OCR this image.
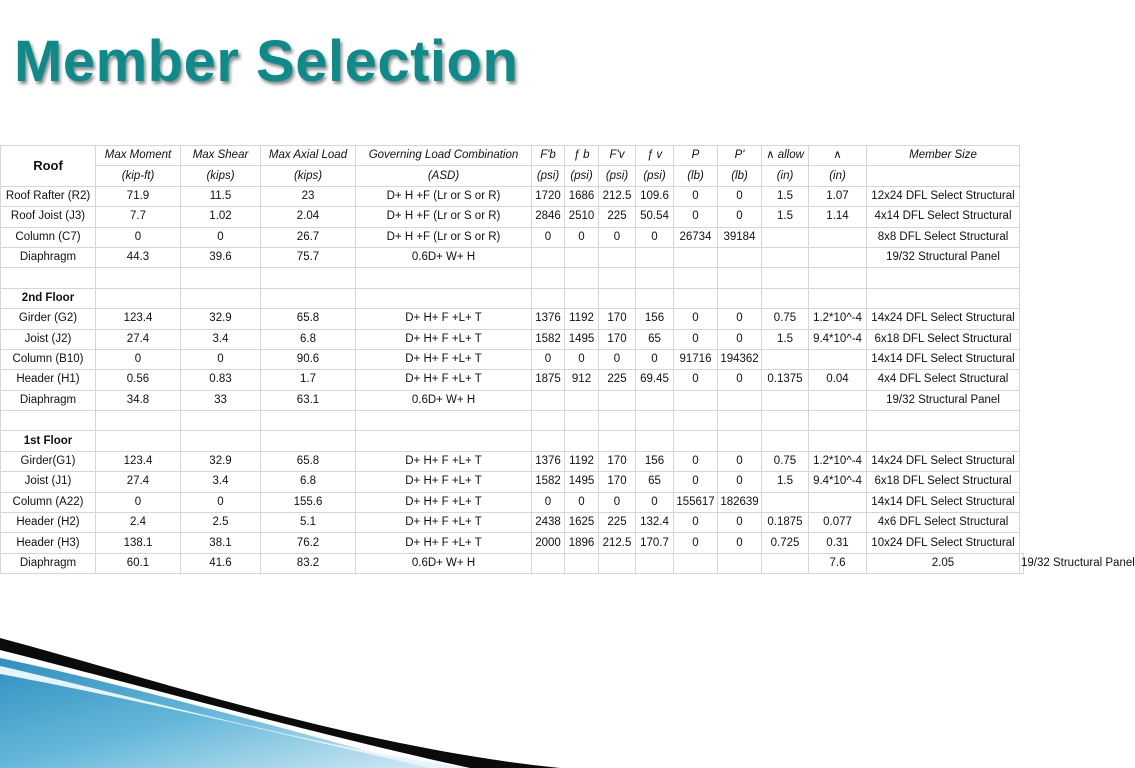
Member Selection
Roof	Max Moment	Max Shear	Max Axial Load	Governing Load Combination	F'b	ƒ b	F'v	ƒ v	P	P'	∧ allow	∧	Member Size	
	(kip-ft)	(kips)	(kips)	(ASD)	(psi)	(psi)	(psi)	(psi)	(lb)	(lb)	(in)	(in)		
Roof Rafter (R2)	71.9	11.5	23	D+ H +F (Lr or S or R)	1720	1686	212.5	109.6	0	0	1.5	1.07	12x24 DFL Select Structural	
Roof Joist (J3)	7.7	1.02	2.04	D+ H +F (Lr or S or R)	2846	2510	225	50.54	0	0	1.5	1.14	4x14 DFL Select Structural	
Column (C7)	0	0	26.7	D+ H +F (Lr or S or R)	0	0	0	0	26734	39184			8x8 DFL Select Structural	
Diaphragm	44.3	39.6	75.7	0.6D+ W+ H									19/32 Structural Panel	

2nd Floor														
Girder (G2)	123.4	32.9	65.8	D+ H+ F +L+ T	1376	1192	170	156	0	0	0.75	1.2*10^-4	14x24 DFL Select Structural	
Joist (J2)	27.4	3.4	6.8	D+ H+ F +L+ T	1582	1495	170	65	0	0	1.5	9.4*10^-4	6x18 DFL Select Structural	
Column (B10)	0	0	90.6	D+ H+ F +L+ T	0	0	0	0	91716	194362			14x14 DFL Select Structural	
Header (H1)	0.56	0.83	1.7	D+ H+ F +L+ T	1875	912	225	69.45	0	0	0.1375	0.04	4x4 DFL Select Structural	
Diaphragm	34.8	33	63.1	0.6D+ W+ H									19/32 Structural Panel	

1st Floor														
Girder(G1)	123.4	32.9	65.8	D+ H+ F +L+ T	1376	1192	170	156	0	0	0.75	1.2*10^-4	14x24 DFL Select Structural	
Joist (J1)	27.4	3.4	6.8	D+ H+ F +L+ T	1582	1495	170	65	0	0	1.5	9.4*10^-4	6x18 DFL Select Structural	
Column (A22)	0	0	155.6	D+ H+ F +L+ T	0	0	0	0	155617	182639			14x14 DFL Select Structural	
Header (H2)	2.4	2.5	5.1	D+ H+ F +L+ T	2438	1625	225	132.4	0	0	0.1875	0.077	4x6 DFL Select Structural	
Header (H3)	138.1	38.1	76.2	D+ H+ F +L+ T	2000	1896	212.5	170.7	0	0	0.725	0.31	10x24 DFL Select Structural	
Diaphragm	60.1	41.6	83.2	0.6D+ W+ H								7.6	2.05	19/32 Structural Panel
